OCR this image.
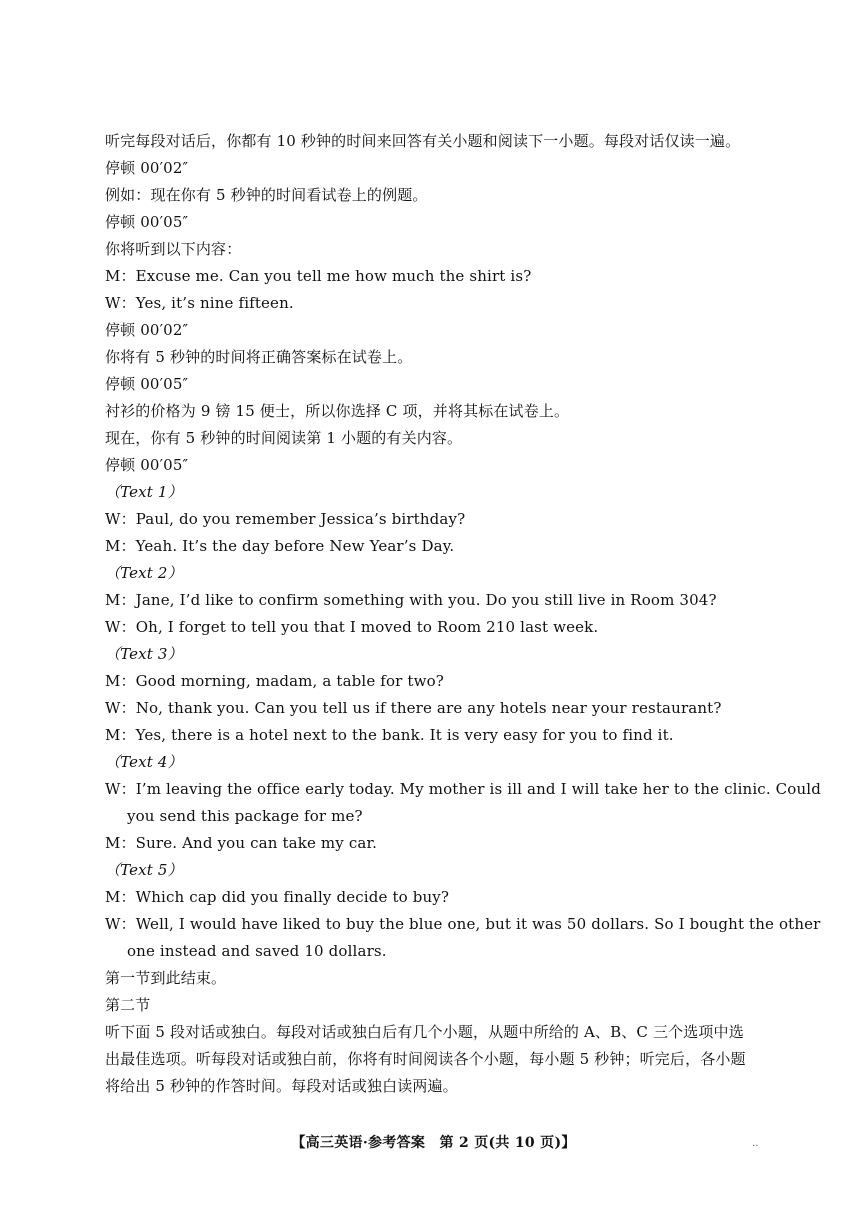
听完每段对话后，你都有 10 秒钟的时间来回答有关小题和阅读下一小题。每段对话仅读一遍。
停顿 00′02″
例如：现在你有 5 秒钟的时间看试卷上的例题。
停顿 00′05″
你将听到以下内容：
M：Excuse me. Can you tell me how much the shirt is?
W：Yes, it’s nine fifteen.
停顿 00′02″
你将有 5 秒钟的时间将正确答案标在试卷上。
停顿 00′05″
衬衫的价格为 9 镑 15 便士，所以你选择 C 项，并将其标在试卷上。
现在，你有 5 秒钟的时间阅读第 1 小题的有关内容。
停顿 00′05″
（Text 1）
W：Paul, do you remember Jessica’s birthday?
M：Yeah. It’s the day before New Year’s Day.
（Text 2）
M：Jane, I’d like to confirm something with you. Do you still live in Room 304?
W：Oh, I forget to tell you that I moved to Room 210 last week.
（Text 3）
M：Good morning, madam, a table for two?
W：No, thank you. Can you tell us if there are any hotels near your restaurant?
M：Yes, there is a hotel next to the bank. It is very easy for you to find it.
（Text 4）
W：I’m leaving the office early today. My mother is ill and I will take her to the clinic. Could
you send this package for me?
M：Sure. And you can take my car.
（Text 5）
M：Which cap did you finally decide to buy?
W：Well, I would have liked to buy the blue one, but it was 50 dollars. So I bought the other
one instead and saved 10 dollars.
第一节到此结束。
第二节
听下面 5 段对话或独白。每段对话或独白后有几个小题，从题中所给的 A、B、C 三个选项中选
出最佳选项。听每段对话或独白前，你将有时间阅读各个小题，每小题 5 秒钟；听完后，各小题
将给出 5 秒钟的作答时间。每段对话或独白读两遍。
【高三英语·参考答案　第 2 页(共 10 页)】	‥
